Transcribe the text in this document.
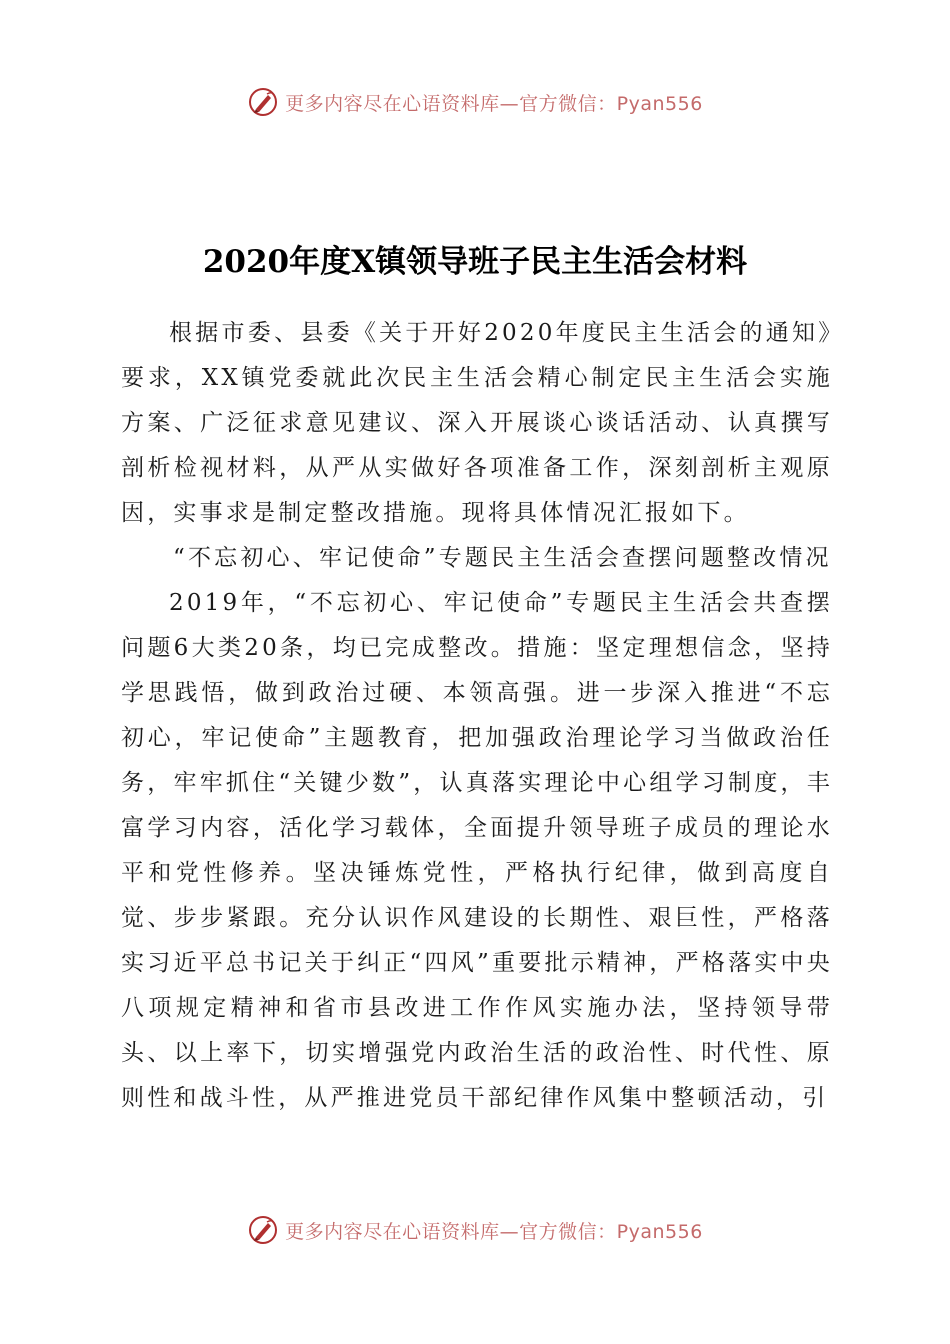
更多内容尽在心语资料库—官方微信：Pyan556
2020年度X镇领导班子民主生活会材料

根据市委、县委《关于开好2020年度民主生活会的通知》要求，XX镇党委就此次民主生活会精心制定民主生活会实施方案、广泛征求意见建议、深入开展谈心谈话活动、认真撰写剖析检视材料，从严从实做好各项准备工作，深刻剖析主观原因，实事求是制定整改措施。现将具体情况汇报如下。

“不忘初心、牢记使命”专题民主生活会查摆问题整改情况

2019年，“不忘初心、牢记使命”专题民主生活会共查摆问题6大类20条，均已完成整改。措施：坚定理想信念，坚持学思践悟，做到政治过硬、本领高强。进一步深入推进“不忘初心，牢记使命”主题教育，把加强政治理论学习当做政治任务，牢牢抓住“关键少数”，认真落实理论中心组学习制度，丰富学习内容，活化学习载体，全面提升领导班子成员的理论水平和党性修养。坚决锤炼党性，严格执行纪律，做到高度自觉、步步紧跟。充分认识作风建设的长期性、艰巨性，严格落实习近平总书记关于纠正“四风”重要批示精神，严格落实中央八项规定精神和省市县改进工作作风实施办法，坚持领导带头、以上率下，切实增强党内政治生活的政治性、时代性、原则性和战斗性，从严推进党员干部纪律作风集中整顿活动，引

更多内容尽在心语资料库—官方微信：Pyan556
